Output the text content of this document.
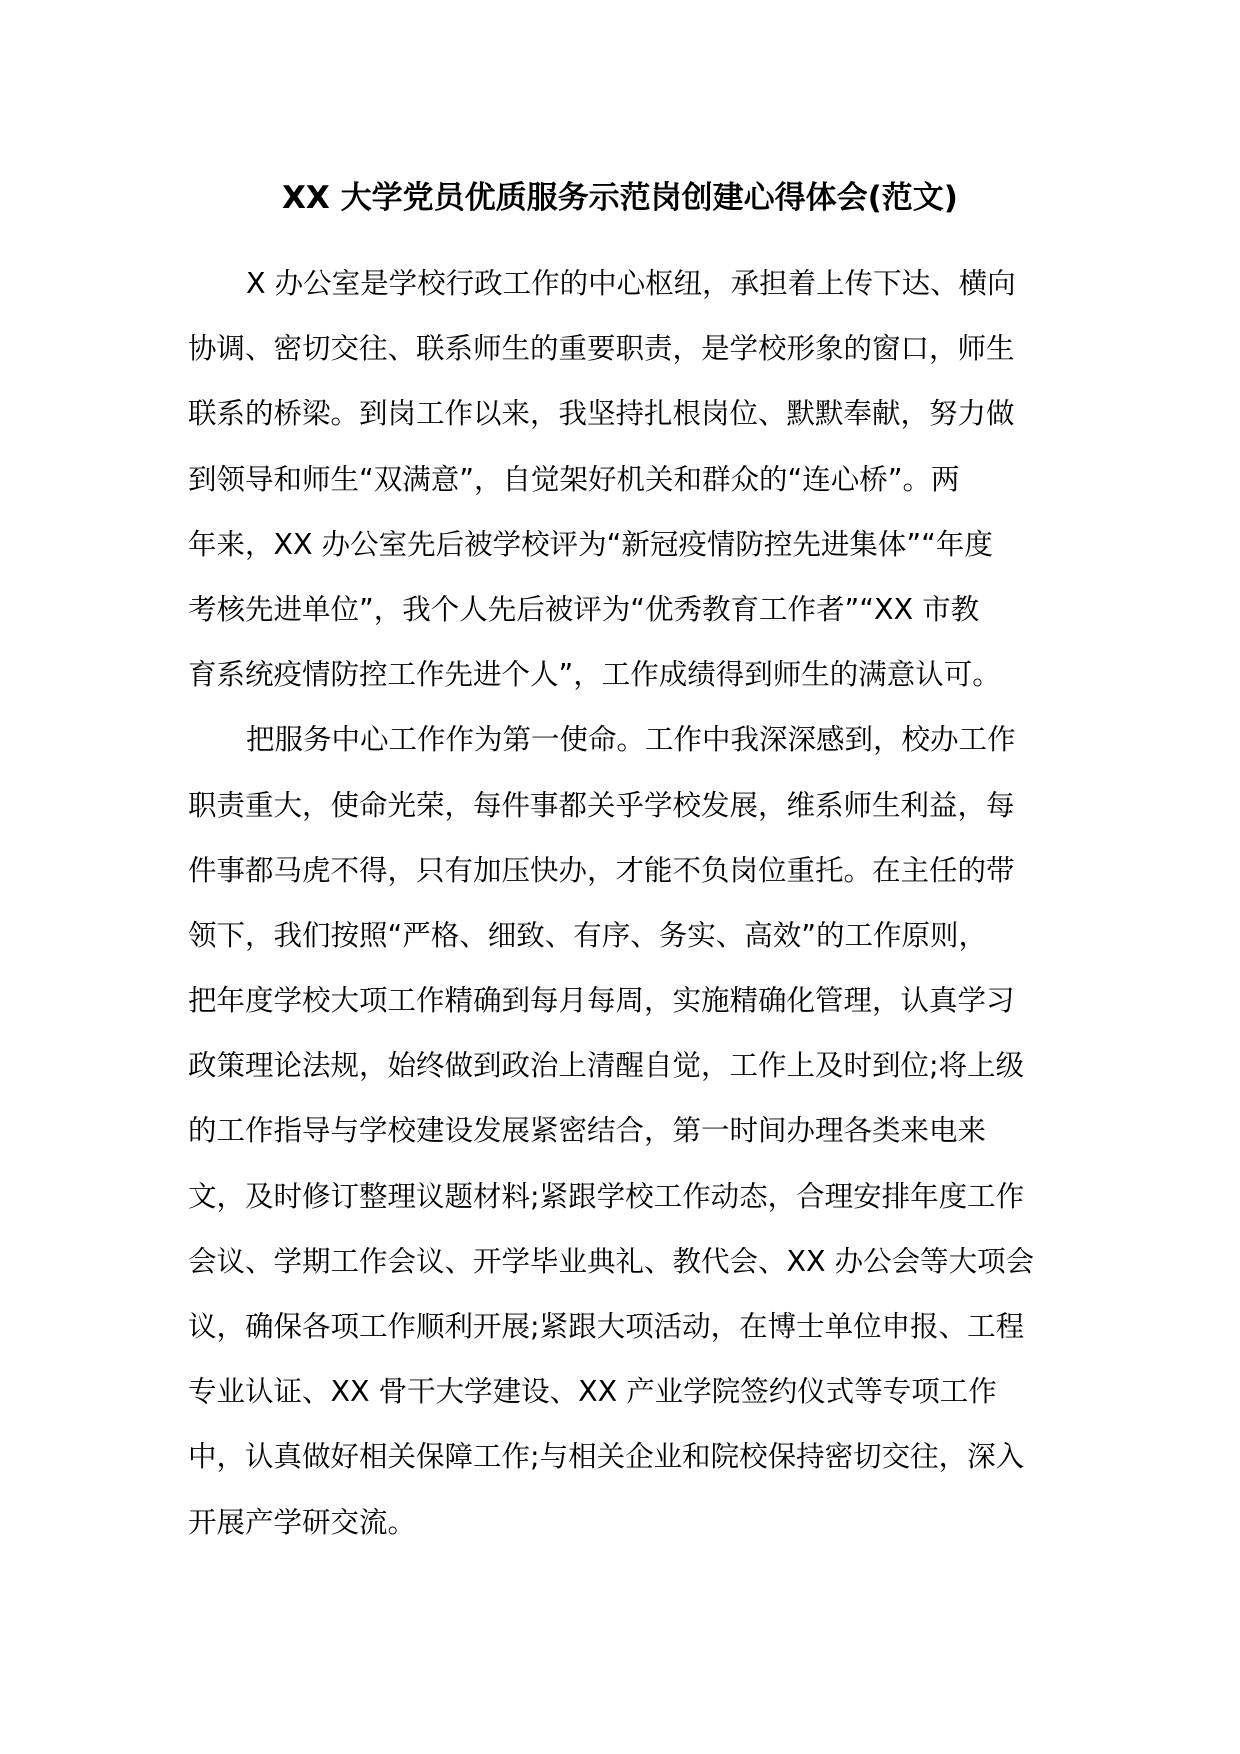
XX 大学党员优质服务示范岗创建心得体会(范文)
X 办公室是学校行政工作的中心枢纽，承担着上传下达、横向
协调、密切交往、联系师生的重要职责，是学校形象的窗口，师生
联系的桥梁。到岗工作以来，我坚持扎根岗位、默默奉献，努力做
到领导和师生“双满意”，自觉架好机关和群众的“连心桥”。两
年来，XX 办公室先后被学校评为“新冠疫情防控先进集体”“年度
考核先进单位”，我个人先后被评为“优秀教育工作者”“XX 市教
育系统疫情防控工作先进个人”，工作成绩得到师生的满意认可。
把服务中心工作作为第一使命。工作中我深深感到，校办工作
职责重大，使命光荣，每件事都关乎学校发展，维系师生利益，每
件事都马虎不得，只有加压快办，才能不负岗位重托。在主任的带
领下，我们按照“严格、细致、有序、务实、高效”的工作原则，
把年度学校大项工作精确到每月每周，实施精确化管理，认真学习
政策理论法规，始终做到政治上清醒自觉，工作上及时到位;将上级
的工作指导与学校建设发展紧密结合，第一时间办理各类来电来
文，及时修订整理议题材料;紧跟学校工作动态，合理安排年度工作
会议、学期工作会议、开学毕业典礼、教代会、XX 办公会等大项会
议，确保各项工作顺利开展;紧跟大项活动，在博士单位申报、工程
专业认证、XX 骨干大学建设、XX 产业学院签约仪式等专项工作
中，认真做好相关保障工作;与相关企业和院校保持密切交往，深入
开展产学研交流。
